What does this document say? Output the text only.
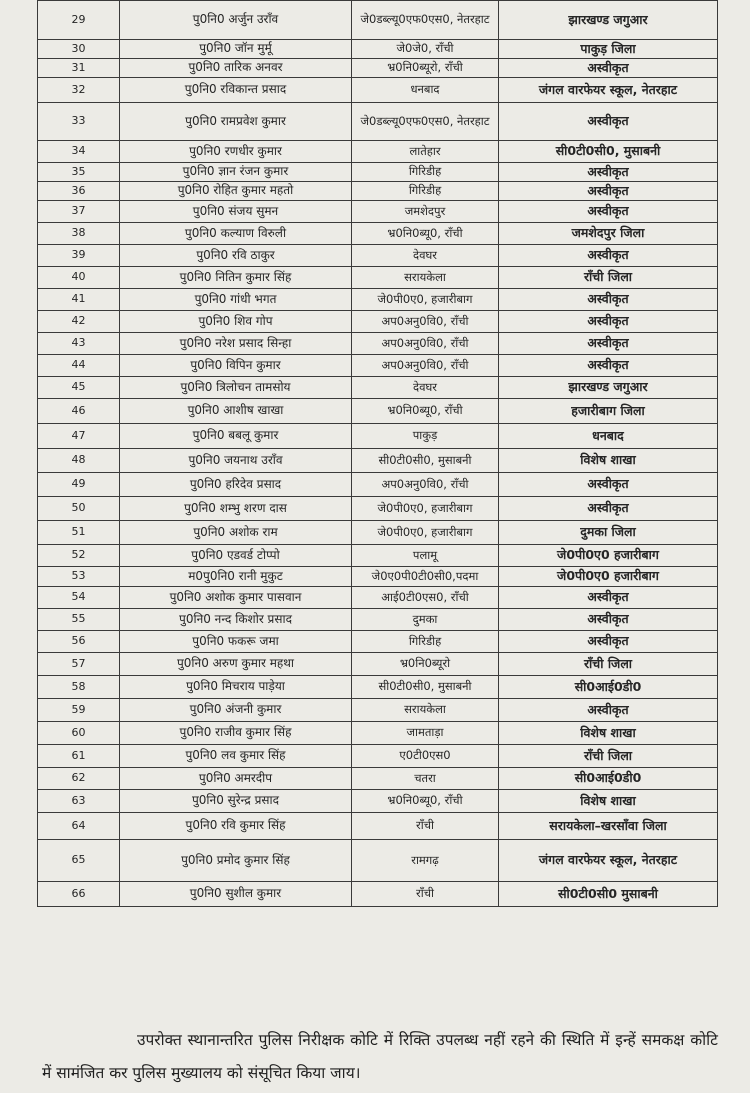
29	पु0नि0 अर्जुन उराँव	जे0डब्ल्यू0एफ0एस0, नेतरहाट	झारखण्ड जगुआर
30	पु0नि0 जॉन मुर्मू	जे0जे0, राँची	पाकुड़ जिला
31	पु0नि0 तारिक अनवर	भ्र0नि0ब्यूरो, राँची	अस्वीकृत
32	पु0नि0 रविकान्त प्रसाद	धनबाद	जंगल वारफेयर स्कूल, नेतरहाट
33	पु0नि0 रामप्रवेश कुमार	जे0डब्ल्यू0एफ0एस0, नेतरहाट	अस्वीकृत
34	पु0नि0 रणधीर कुमार	लातेहार	सी0टी0सी0, मुसाबनी
35	पु0नि0 ज्ञान रंजन कुमार	गिरिडीह	अस्वीकृत
36	पु0नि0 रोहित कुमार महतो	गिरिडीह	अस्वीकृत
37	पु0नि0 संजय सुमन	जमशेदपुर	अस्वीकृत
38	पु0नि0 कल्याण विरुली	भ्र0नि0ब्यू0, राँची	जमशेदपुर जिला
39	पु0नि0 रवि ठाकुर	देवघर	अस्वीकृत
40	पु0नि0 नितिन कुमार सिंह	सरायकेला	राँची जिला
41	पु0नि0 गांधी भगत	जे0पी0ए0, हजारीबाग	अस्वीकृत
42	पु0नि0 शिव गोप	अप0अनु0वि0, राँची	अस्वीकृत
43	पु0नि0 नरेश प्रसाद सिन्हा	अप0अनु0वि0, राँची	अस्वीकृत
44	पु0नि0 विपिन कुमार	अप0अनु0वि0, राँची	अस्वीकृत
45	पु0नि0 त्रिलोचन तामसोय	देवघर	झारखण्ड जगुआर
46	पु0नि0 आशीष खाखा	भ्र0नि0ब्यू0, राँची	हजारीबाग जिला
47	पु0नि0 बबलू कुमार	पाकुड़	धनबाद
48	पु0नि0 जयनाथ उराँव	सी0टी0सी0, मुसाबनी	विशेष शाखा
49	पु0नि0 हरिदेव प्रसाद	अप0अनु0वि0, राँची	अस्वीकृत
50	पु0नि0 शम्भु शरण दास	जे0पी0ए0, हजारीबाग	अस्वीकृत
51	पु0नि0 अशोक राम	जे0पी0ए0, हजारीबाग	दुमका जिला
52	पु0नि0 एडवर्ड टोप्पो	पलामू	जे0पी0ए0 हजारीबाग
53	म0पु0नि0 रानी मुकुट	जे0ए0पी0टी0सी0,पदमा	जे0पी0ए0 हजारीबाग
54	पु0नि0 अशोक कुमार पासवान	आई0टी0एस0, राँची	अस्वीकृत
55	पु0नि0 नन्द किशोर प्रसाद	दुमका	अस्वीकृत
56	पु0नि0 फकरू जमा	गिरिडीह	अस्वीकृत
57	पु0नि0 अरुण कुमार महथा	भ्र0नि0ब्यूरो	राँची जिला
58	पु0नि0 मिचराय पाड़ेया	सी0टी0सी0, मुसाबनी	सी0आई0डी0
59	पु0नि0 अंजनी कुमार	सरायकेला	अस्वीकृत
60	पु0नि0 राजीव कुमार सिंह	जामताड़ा	विशेष शाखा
61	पु0नि0 लव कुमार सिंह	ए0टी0एस0	राँची जिला
62	पु0नि0 अमरदीप	चतरा	सी0आई0डी0
63	पु0नि0 सुरेन्द्र प्रसाद	भ्र0नि0ब्यू0, राँची	विशेष शाखा
64	पु0नि0 रवि कुमार सिंह	राँची	सरायकेला–खरसाँवा जिला
65	पु0नि0 प्रमोद कुमार सिंह	रामगढ़	जंगल वारफेयर स्कूल, नेतरहाट
66	पु0नि0 सुशील कुमार	राँची	सी0टी0सी0 मुसाबनी

उपरोक्त स्थानान्तरित पुलिस निरीक्षक कोटि में रिक्ति उपलब्ध नहीं रहने की स्थिति में इन्हें समकक्ष कोटि में सामंजित कर पुलिस मुख्यालय को संसूचित किया जाय।
